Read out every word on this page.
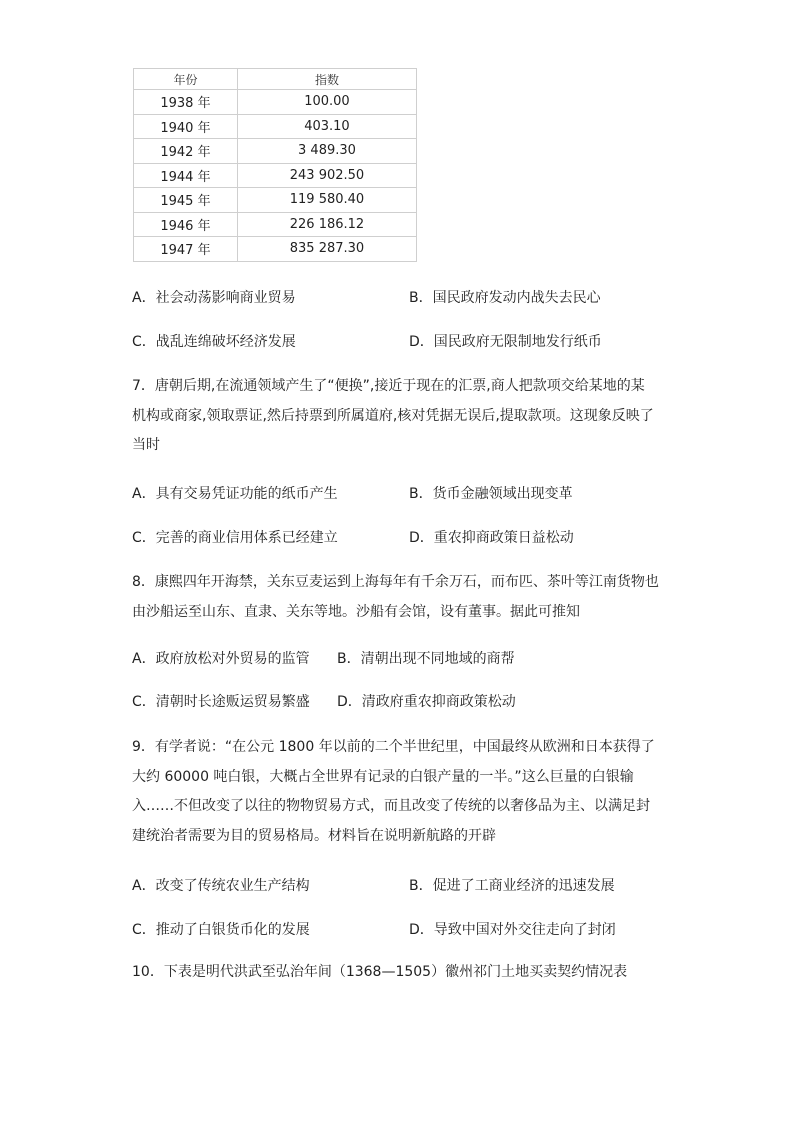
年份	指数
1938 年	100.00
1940 年	403.10
1942 年	3 489.30
1944 年	243 902.50
1945 年	119 580.40
1946 年	226 186.12
1947 年	835 287.30
A．社会动荡影响商业贸易	B．国民政府发动内战失去民心
C．战乱连绵破坏经济发展	D．国民政府无限制地发行纸币
7．唐朝后期,在流通领域产生了“便换”,接近于现在的汇票,商人把款项交给某地的某
机构或商家,领取票证,然后持票到所属道府,核对凭据无误后,提取款项。这现象反映了
当时
A．具有交易凭证功能的纸币产生	B．货币金融领域出现变革
C．完善的商业信用体系已经建立	D．重农抑商政策日益松动
8．康熙四年开海禁，关东豆麦运到上海每年有千余万石，而布匹、茶叶等江南货物也
由沙船运至山东、直隶、关东等地。沙船有会馆，设有董事。据此可推知
A．政府放松对外贸易的监管 B．清朝出现不同地域的商帮
C．清朝时长途贩运贸易繁盛 D．清政府重农抑商政策松动
9．有学者说：“在公元 1800 年以前的二个半世纪里，中国最终从欧洲和日本获得了
大约 60000 吨白银，大概占全世界有记录的白银产量的一半。”这么巨量的白银输
入……不但改变了以往的物物贸易方式，而且改变了传统的以奢侈品为主、以满足封
建统治者需要为目的贸易格局。材料旨在说明新航路的开辟
A．改变了传统农业生产结构	B．促进了工商业经济的迅速发展
C．推动了白银货币化的发展	D．导致中国对外交往走向了封闭
10．下表是明代洪武至弘治年间（1368—1505）徽州祁门土地买卖契约情况表
